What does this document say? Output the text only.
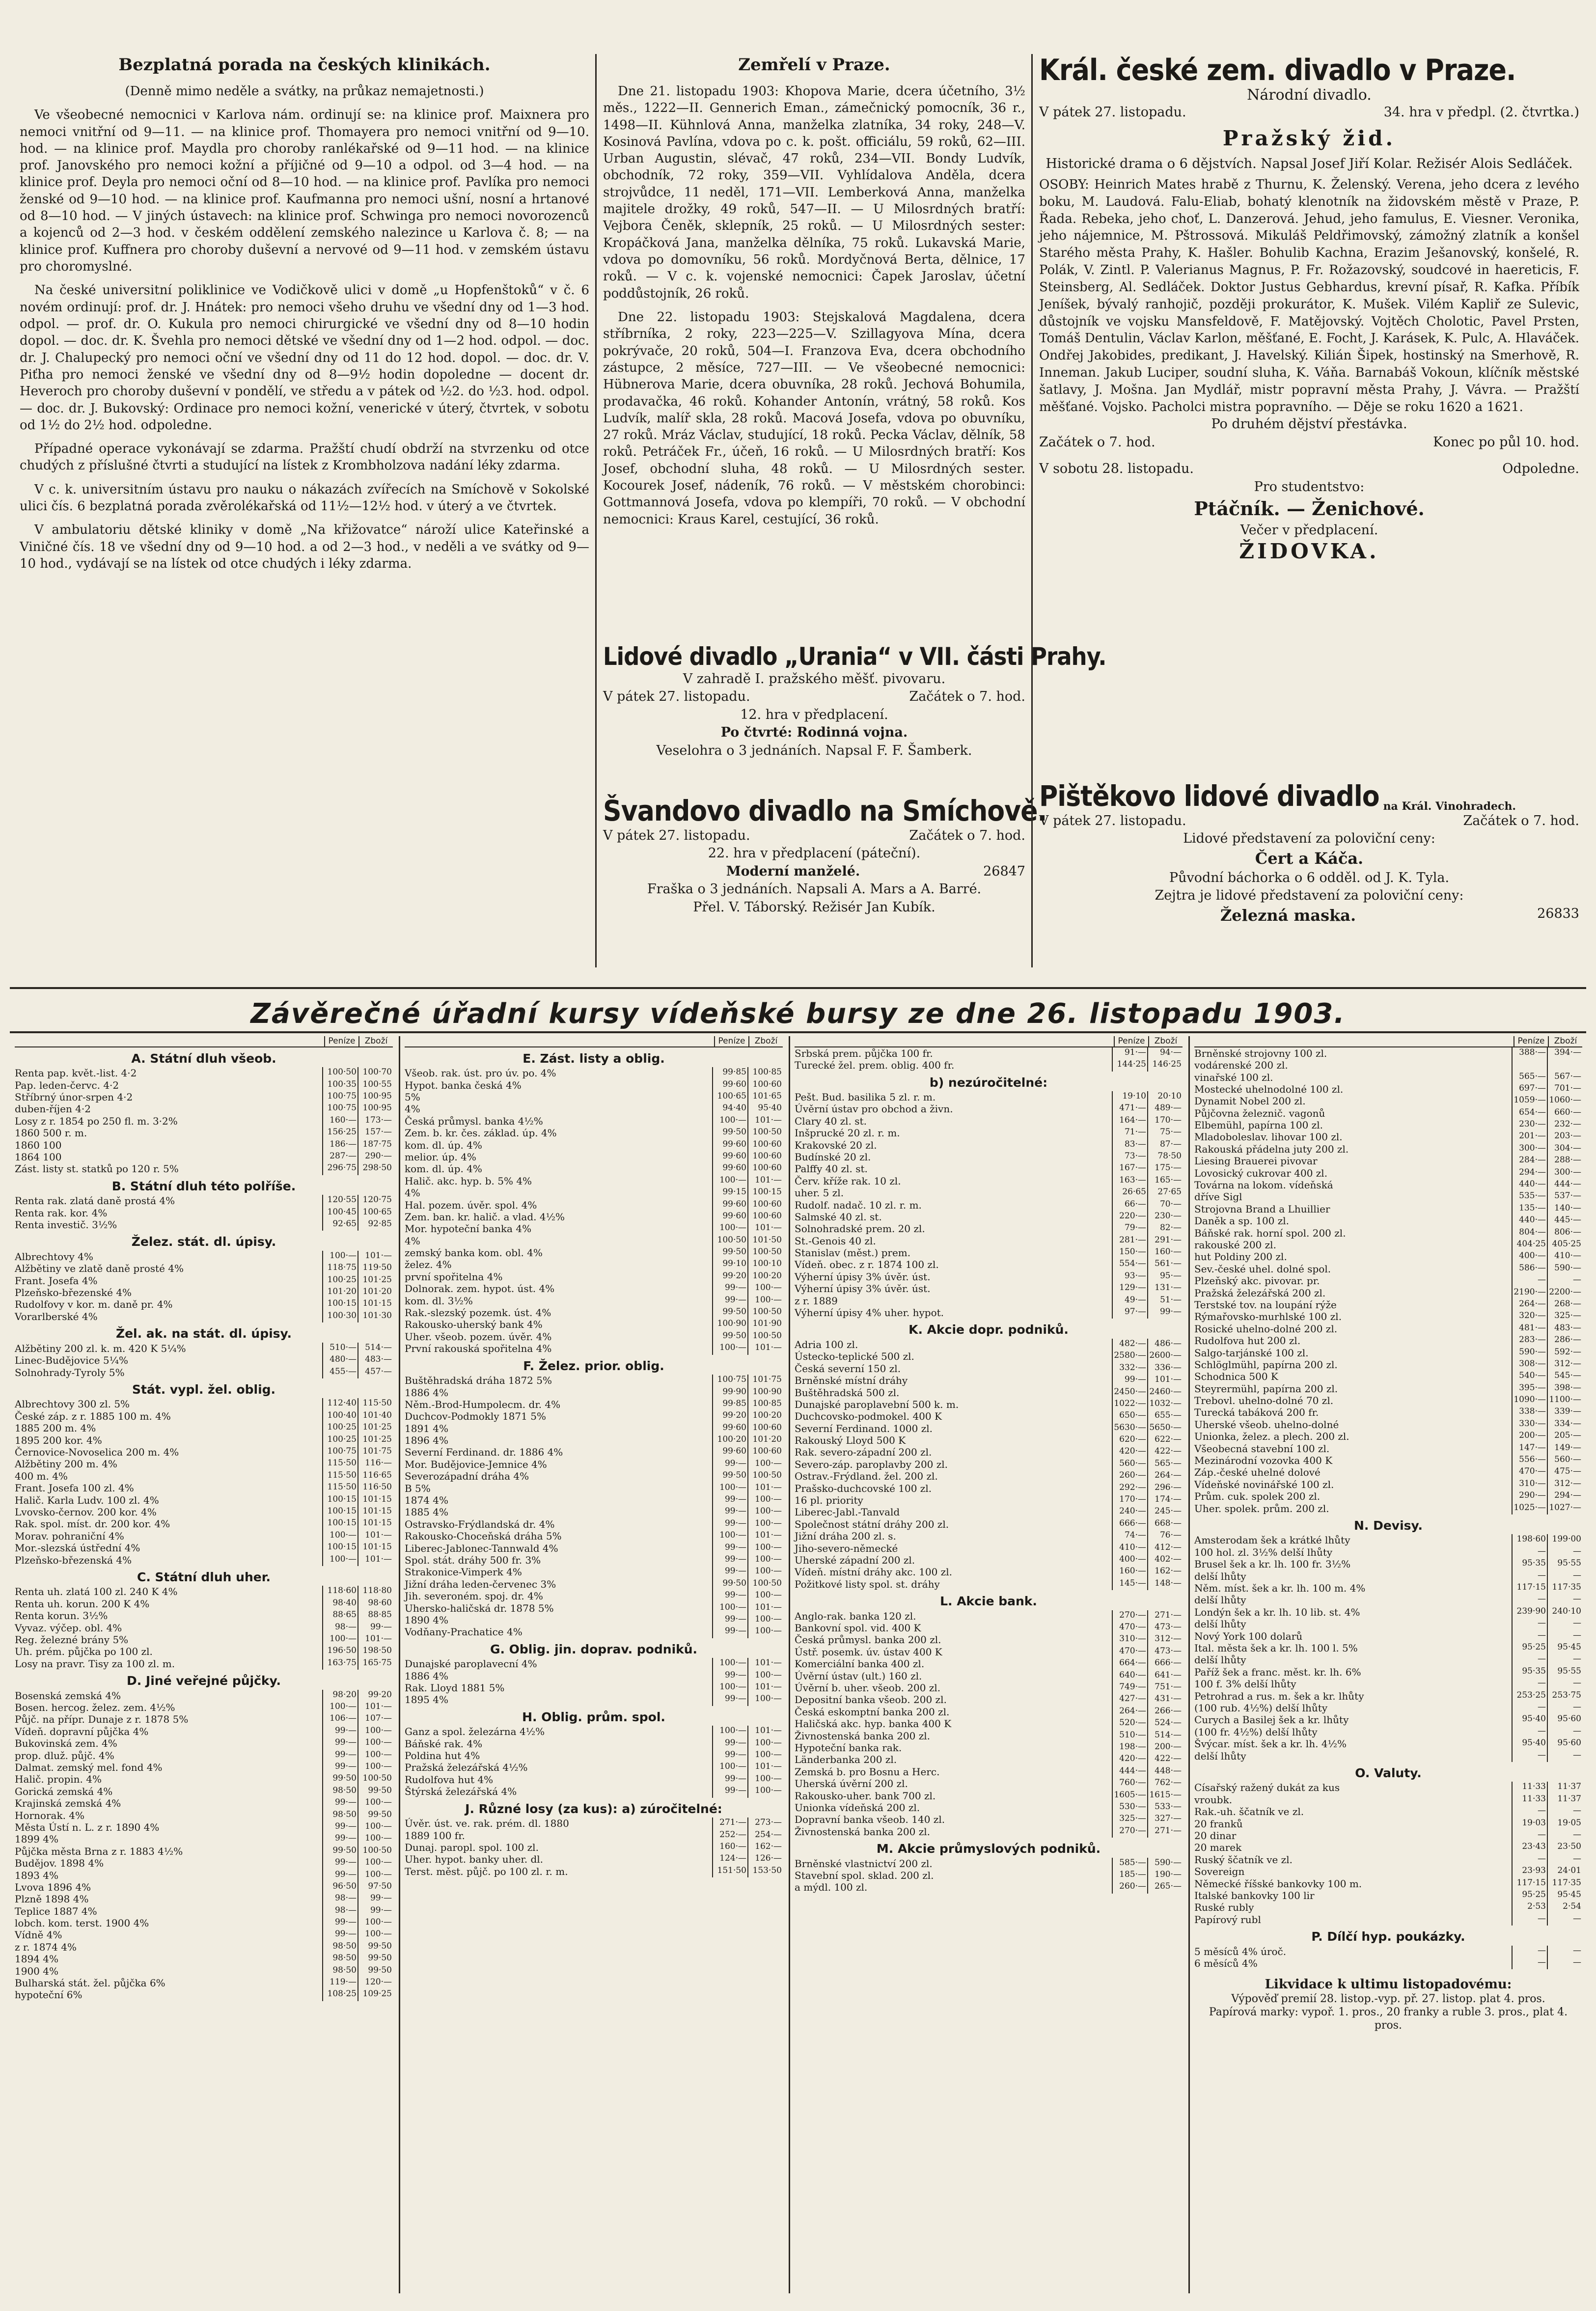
Bezplatná porada na českých klinikách.

(Denně mimo neděle a svátky, na průkaz nemajetnosti.)

Ve všeobecné nemocnici v Karlova nám. ordinují se: na klinice prof. Maixnera pro nemoci vnitřní od 9—11. — na klinice prof. Thomayera pro nemoci vnitřní od 9—10. hod. — na klinice prof. Maydla pro choroby ranlékařské od 9—11 hod. — na klinice prof. Janovského pro nemoci kožní a příjičné od 9—10 a odpol. od 3—4 hod. — na klinice prof. Deyla pro nemoci oční od 8—10 hod. — na klinice prof. Pavlíka pro nemoci ženské od 9—10 hod. — na klinice prof. Kaufmanna pro nemoci ušní, nosní a hrtanové od 8—10 hod. — V jiných ústavech: na klinice prof. Schwinga pro nemoci novorozenců a kojenců od 2—3 hod. v českém oddělení zemského nalezince u Karlova č. 8; — na klinice prof. Kuffnera pro choroby duševní a nervové od 9—11 hod. v zemském ústavu pro choromyslné.

Na české universitní poliklinice ve Vodičkově ulici v domě „u Hopfenštoků“ v č. 6 novém ordinují: prof. dr. J. Hnátek: pro nemoci všeho druhu ve všední dny od 1—3 hod. odpol. — prof. dr. O. Kukula pro nemoci chirurgické ve všední dny od 8—10 hodin dopol. — doc. dr. K. Švehla pro nemoci dětské ve všední dny od 1—2 hod. odpol. — doc. dr. J. Chalupecký pro nemoci oční ve všední dny od 11 do 12 hod. dopol. — doc. dr. V. Piťha pro nemoci ženské ve všední dny od 8—9½ hodin dopoledne — docent dr. Heveroch pro choroby duševní v pondělí, ve středu a v pátek od ½2. do ½3. hod. odpol. — doc. dr. J. Bukovský: Ordinace pro nemoci kožní, venerické v úterý, čtvrtek, v sobotu od 1½ do 2½ hod. odpoledne.

Případné operace vykonávají se zdarma. Pražští chudí obdrží na stvrzenku od otce chudých z příslušné čtvrti a studující na lístek z Krombholzova nadání léky zdarma.

V c. k. universitním ústavu pro nauku o nákazách zvířecích na Smíchově v Sokolské ulici čís. 6 bezplatná porada zvěrolékařská od 11½—12½ hod. v úterý a ve čtvrtek.

V ambulatoriu dětské kliniky v domě „Na křižovatce“ nároží ulice Kateřinské a Viničné čís. 18 ve všední dny od 9—10 hod. a od 2—3 hod., v neděli a ve svátky od 9—10 hod., vydávají se na lístek od otce chudých i léky zdarma.

Zemřelí v Praze.

Dne 21. listopadu 1903: Khopova Marie, dcera účetního, 3½ měs., 1222—II. Gennerich Eman., zámečnický pomocník, 36 r., 1498—II. Kühnlová Anna, manželka zlatníka, 34 roky, 248—V. Kosinová Pavlína, vdova po c. k. pošt. officiálu, 59 roků, 62—III. Urban Augustin, slévač, 47 roků, 234—VII. Bondy Ludvík, obchodník, 72 roky, 359—VII. Vyhlídalova Anděla, dcera strojvůdce, 11 neděl, 171—VII. Lemberková Anna, manželka majitele drožky, 49 roků, 547—II. — U Milosrdných bratří: Vejbora Čeněk, sklepník, 25 roků. — U Milosrdných sester: Kropáčková Jana, manželka dělníka, 75 roků. Lukavská Marie, vdova po domovníku, 56 roků. Mordyčnová Berta, dělnice, 17 roků. — V c. k. vojenské nemocnici: Čapek Jaroslav, účetní poddůstojník, 26 roků.

Dne 22. listopadu 1903: Stejskalová Magdalena, dcera stříbrníka, 2 roky, 223—225—V. Szillagyova Mína, dcera pokrývače, 20 roků, 504—I. Franzova Eva, dcera obchodního zástupce, 2 měsíce, 727—III. — Ve všeobecné nemocnici: Hübnerova Marie, dcera obuvníka, 28 roků. Jechová Bohumila, prodavačka, 46 roků. Kohander Antonín, vrátný, 58 roků. Kos Ludvík, malíř skla, 28 roků. Macová Josefa, vdova po obuvníku, 27 roků. Mráz Václav, studující, 18 roků. Pecka Václav, dělník, 58 roků. Petráček Fr., účeň, 16 roků. — U Milosrdných bratří: Kos Josef, obchodní sluha, 48 roků. — U Milosrdných sester. Kocourek Josef, nádeník, 76 roků. — V městském chorobinci: Gottmannová Josefa, vdova po klempíři, 70 roků. — V obchodní nemocnici: Kraus Karel, cestující, 36 roků.

Lidové divadlo „Urania“ v VII. části Prahy.
V zahradě I. pražského měšť. pivovaru.
V pátek 27. listopadu.	Začátek o 7. hod.
12. hra v předplacení.
Po čtvrté: Rodinná vojna.
Veselohra o 3 jednáních. Napsal F. F. Šamberk.
Švandovo divadlo na Smíchově.
V pátek 27. listopadu.	Začátek o 7. hod.
22. hra v předplacení (páteční).
Moderní manželé.	26847
Fraška o 3 jednáních. Napsali A. Mars a A. Barré.
Přel. V. Táborský. Režisér Jan Kubík.
Král. české zem. divadlo v Praze.
Národní divadlo.
V pátek 27. listopadu.	34. hra v předpl. (2. čtvrtka.)
Pražský žid.
Historické drama o 6 dějstvích. Napsal Josef Jiří Kolar. Režisér Alois Sedláček.
OSOBY: Heinrich Mates hrabě z Thurnu, K. Želenský. Verena, jeho dcera z levého boku, M. Laudová. Falu-Eliab, bohatý klenotník na židovském městě v Praze, P. Řada. Rebeka, jeho choť, L. Danzerová. Jehud, jeho famulus, E. Viesner. Veronika, jeho nájemnice, M. Pštrossová. Mikuláš Peldřimovský, zámožný zlatník a konšel Starého města Prahy, K. Hašler. Bohulib Kachna, Erazim Ješanovský, konšelé, R. Polák, V. Zintl. P. Valerianus Magnus, P. Fr. Rožazovský, soudcové in haereticis, F. Steinsberg, Al. Sedláček. Doktor Justus Gebhardus, krevní písař, R. Kafka. Příbík Jeníšek, bývalý ranhojič, později prokurátor, K. Mušek. Vilém Kapliř ze Sulevic, důstojník ve vojsku Mansfeldově, F. Matějovský. Vojtěch Cholotic, Pavel Prsten, Tomáš Dentulin, Václav Karlon, měšťané, E. Focht, J. Karásek, K. Pulc, A. Hlaváček. Ondřej Jakobides, predikant, J. Havelský. Kilián Šipek, hostinský na Smerhově, R. Inneman. Jakub Luciper, soudní sluha, K. Váňa. Barnabáš Vokoun, klíčník městské šatlavy, J. Mošna. Jan Mydlář, mistr popravní města Prahy, J. Vávra. — Pražští měšťané. Vojsko. Pacholci mistra popravního. — Děje se roku 1620 a 1621.
Po druhém dějství přestávka.
Začátek o 7. hod.	Konec po půl 10. hod.
V sobotu 28. listopadu.	Odpoledne.
Pro studentstvo:
Ptáčník. — Ženichové.
Večer v předplacení.
ŽIDOVKA.
Pištěkovo lidové divadlo na Král. Vinohradech.
V pátek 27. listopadu.	Začátek o 7. hod.
Lidové představení za poloviční ceny:
Čert a Káča.
Původní báchorka o 6 odděl. od J. K. Tyla.
Zejtra je lidové představení za poloviční ceny:
Železná maska.	26833
Závěrečné úřadní kursy vídeňské bursy ze dne 26. listopadu 1903.
Peníze	Zboží
A. Státní dluh všeob.
Renta pap. květ.-list. 4·2	100·50 100·70
Pap. leden-červc. 4·2	100·35 100·55
Stříbrný únor-srpen 4·2	100·75 100·95
duben-říjen 4·2	100·75 100·95
Losy z r. 1854 po 250 fl. m. 3·2%	160·—	173·—
1860 500 r. m.	156·25	157·—
1860 100	186·— 187·75
1864 100	287·—	290·—
Zást. listy st. statků po 120 r. 5%	296·75 298·50
B. Státní dluh této polříše.
Renta rak. zlatá daně prostá 4%	120·55 120·75
Renta rak. kor. 4%	100·45 100·65
Renta investič. 3½%	92·65	92·85
Želez. stát. dl. úpisy.
Albrechtovy 4%	100·—	101·—
Alžbětiny ve zlatě daně prosté 4%	118·75 119·50
Frant. Josefa 4%	100·25 101·25
Plzeňsko-březenské 4%	101·20 101·20
Rudolfovy v kor. m. daně pr. 4%	100·15 101·15
Vorarlberské 4%	100·30 101·30
Žel. ak. na stát. dl. úpisy.
Alžbětiny 200 zl. k. m. 420 K 5¼%	510·—	514·—
Linec-Budějovice 5¼%	480·—	483·—
Solnohrady-Tyroly 5%	455·—	457·—
Stát. vypl. žel. oblig.
Albrechtovy 300 zl. 5%	112·40 115·50
České záp. z r. 1885 100 m. 4%	100·40 101·40
1885 200 m. 4%	100·25 101·25
1895 200 kor. 4%	100·25 101·25
Černovice-Novoselica 200 m. 4%	100·75 101·75
Alžbětiny 200 m. 4%	115·50	116·—
400 m. 4%	115·50 116·65
Frant. Josefa 100 zl. 4%	115·50 116·50
Halič. Karla Ludv. 100 zl. 4%	100·15 101·15
Lvovsko-černov. 200 kor. 4%	100·15 101·15
Rak. spol. míst. dr. 200 kor. 4%	100·15 101·15
Morav. pohraniční 4%	100·—	101·—
Mor.-slezská ústřední 4%	100·15 101·15
Plzeňsko-březenská 4%	100·—	101·—
C. Státní dluh uher.
Renta uh. zlatá 100 zl. 240 K 4%	118·60 118·80
Renta uh. korun. 200 K 4%	98·40	98·60
Renta korun. 3½%	88·65	88·85
Vyvaz. výčep. obl. 4%	98·—	99·—
Reg. železné brány 5%	100·—	101·—
Uh. prém. půjčka po 100 zl.	196·50 198·50
Losy na pravr. Tisy za 100 zl. m.	163·75 165·75
D. Jiné veřejné půjčky.
Bosenská zemská 4%	98·20	99·20
Bosen. hercog. želez. zem. 4½%	100·—	101·—
Půjč. na přípr. Dunaje z r. 1878 5%	106·—	107·—
Vídeň. dopravní půjčka 4%	99·—	100·—
Bukovinská zem. 4%	99·—	100·—
prop. dluž. půjč. 4%	99·—	100·—
Dalmat. zemský mel. fond 4%	99·—	100·—
Halič. propin. 4%	99·50 100·50
Gorická zemská 4%	98·50	99·50
Krajinská zemská 4%	99·—	100·—
Hornorak. 4%	98·50	99·50
Města Ústí n. L. z r. 1890 4%	99·—	100·—
1899 4%	99·—	100·—
Půjčka města Brna z r. 1883 4½%	99·50 100·50
Budějov. 1898 4%	99·—	100·—
1893 4%	99·—	100·—
Lvova 1896 4%	96·50	97·50
Plzně 1898 4%	98·—	99·—
Teplice 1887 4%	98·—	99·—
lobch. kom. terst. 1900 4%	99·—	100·—
Vídně 4%	99·—	100·—
z r. 1874 4%	98·50	99·50
1894 4%	98·50	99·50
1900 4%	98·50	99·50
Bulharská stát. žel. půjčka 6%	119·—	120·—
hypoteční 6%	108·25 109·25
Peníze	Zboží
E. Zást. listy a oblig.
Všeob. rak. úst. pro úv. po. 4%	99·85 100·85
Hypot. banka česká 4%	99·60 100·60
5%	100·65 101·65
4%	94·40	95·40
Česká průmysl. banka 4½%	100·—	101·—
Zem. b. kr. čes. základ. úp. 4%	99·50 100·50
kom. dl. úp. 4%	99·60 100·60
melior. úp. 4%	99·60 100·60
kom. dl. úp. 4%	99·60 100·60
Halič. akc. hyp. b. 5% 4%	100·—	101·—
4%	99·15 100·15
Hal. pozem. úvěr. spol. 4%	99·60 100·60
Zem. ban. kr. halič. a vlad. 4½%	99·60 100·60
Mor. hypoteční banka 4%	100·—	101·—
4%	100·50 101·50
zemský banka kom. obl. 4%	99·50 100·50
želez. 4%	99·10 100·10
první spořitelna 4%	99·20 100·20
Dolnorak. zem. hypot. úst. 4%	99·—	100·—
kom. dl. 3½%	99·—	100·—
Rak.-slezský pozemk. úst. 4%	99·50 100·50
Rakousko-uherský bank 4%	100·90 101·90
Uher. všeob. pozem. úvěr. 4%	99·50 100·50
První rakouská spořitelna 4%	100·—	101·—
F. Želez. prior. oblig.
Buštěhradská dráha 1872 5%	100·75 101·75
1886 4%	99·90 100·90
Něm.-Brod-Humpolecm. dr. 4%	99·85 100·85
Duchcov-Podmokly 1871 5%	99·20 100·20
1891 4%	99·60 100·60
1896 4%	100·20 101·20
Severní Ferdinand. dr. 1886 4%	99·60 100·60
Mor. Budějovice-Jemnice 4%	99·—	100·—
Severozápadní dráha 4%	99·50 100·50
B 5%	100·—	101·—
1874 4%	99·—	100·—
1885 4%	99·—	100·—
Ostravsko-Frýdlandská dr. 4%	99·—	100·—
Rakousko-Choceňská dráha 5%	100·—	101·—
Liberec-Jablonec-Tannwald 4%	99·—	100·—
Spol. stát. dráhy 500 fr. 3%	99·—	100·—
Strakonice-Vimperk 4%	99·—	100·—
Jižní dráha leden-červenec 3%	99·50 100·50
Jih. severoném. spoj. dr. 4%	99·—	100·—
Uhersko-haličská dr. 1878 5%	100·—	101·—
1890 4%	99·—	100·—
Vodňany-Prachatice 4%	99·—	100·—
G. Oblig. jin. doprav. podniků.
Dunajské paroplavecní 4%	100·—	101·—
1886 4%	99·—	100·—
Rak. Lloyd 1881 5%	100·—	101·—
1895 4%	99·—	100·—
H. Oblig. prům. spol.
Ganz a spol. železárna 4½%	100·—	101·—
Báňské rak. 4%	99·—	100·—
Poldina hut 4%	99·—	100·—
Pražská železářská 4½%	100·—	101·—
Rudolfova hut 4%	99·—	100·—
Štýrská železářská 4%	99·—	100·—
J. Různé losy (za kus): a) zúročitelné:
Úvěr. úst. ve. rak. prém. dl. 1880	271·—	273·—
1889 100 fr.	252·—	254·—
Dunaj. paropl. spol. 100 zl.	160·—	162·—
Uher. hypot. banky uher. dl.	124·—	126·—
Terst. měst. půjč. po 100 zl. r. m.	151·50 153·50
Peníze	Zboží
Srbská prem. půjčka 100 fr.	91·—	94·—
Turecké žel. prem. oblig. 400 fr.	144·25 146·25
b) nezúročitelné:
Pešt. Bud. basilika 5 zl. r. m.	19·10	20·10
Úvěrní ústav pro obchod a živn.	471·—	489·—
Clary 40 zl. st.	164·—	170·—
Inšprucké 20 zl. r. m.	71·—	75·—
Krakovské 20 zl.	83·—	87·—
Budínské 20 zl.	73·—	78·50
Palffy 40 zl. st.	167·—	175·—
Červ. kříže rak. 10 zl.	163·—	165·—
uher. 5 zl.	26·65	27·65
Rudolf. nadač. 10 zl. r. m.	66·—	70·—
Salmské 40 zl. st.	220·—	230·—
Solnohradské prem. 20 zl.	79·—	82·—
St.-Genois 40 zl.	281·—	291·—
Stanislav (měst.) prem.	150·—	160·—
Vídeň. obec. z r. 1874 100 zl.	554·—	561·—
Výherní úpisy 3% úvěr. úst.	93·—	95·—
Výherní úpisy 3% úvěr. úst.	129·—	131·—
z r. 1889	49·—	51·—
Výherní úpisy 4% uher. hypot.	97·—	99·—
K. Akcie dopr. podniků.
Adria 100 zl.	482·—	486·—
Ústecko-teplické 500 zl.	2580·— 2600·—
Česká severní 150 zl.	332·—	336·—
Brněnské místní dráhy	99·—	101·—
Buštěhradská 500 zl.	2450·— 2460·—
Dunajské paroplavební 500 k. m.	1022·— 1032·—
Duchcovsko-podmokel. 400 K	650·—	655·—
Severní Ferdinand. 1000 zl.	5630·— 5650·—
Rakouský Lloyd 500 K	620·—	622·—
Rak. severo-západní 200 zl.	420·—	422·—
Severo-záp. paroplavby 200 zl.	560·—	565·—
Ostrav.-Frýdland. žel. 200 zl.	260·—	264·—
Prašsko-duchcovské 100 zl.	292·—	296·—
16 pl. priority	170·—	174·—
Liberec-Jabl.-Tanvald	240·—	245·—
Společnost státní dráhy 200 zl.	666·—	668·—
Jižní dráha 200 zl. s.	74·—	76·—
Jiho-severo-německé	410·—	412·—
Uherské západní 200 zl.	400·—	402·—
Vídeň. místní dráhy akc. 100 zl.	160·—	162·—
Požitkové listy spol. st. dráhy	145·—	148·—
L. Akcie bank.
Anglo-rak. banka 120 zl.	270·—	271·—
Bankovní spol. vid. 400 K	470·—	473·—
Česká průmysl. banka 200 zl.	310·—	312·—
Ústř. posemk. úv. ústav 400 K	470·—	473·—
Komerciální banka 400 zl.	664·—	666·—
Úvěrní ústav (ult.) 160 zl.	640·—	641·—
Úvěrní b. uher. všeob. 200 zl.	749·—	751·—
Depositní banka všeob. 200 zl.	427·—	431·—
Česká eskomptní banka 200 zl.	264·—	266·—
Haličská akc. hyp. banka 400 K	520·—	524·—
Živnostenská banka 200 zl.	510·—	514·—
Hypoteční banka rak.	198·—	200·—
Länderbanka 200 zl.	420·—	422·—
Zemská b. pro Bosnu a Herc.	444·—	448·—
Uherská úvěrní 200 zl.	760·—	762·—
Rakousko-uher. bank 700 zl.	1605·— 1615·—
Unionka vídeňská 200 zl.	530·—	533·—
Dopravní banka všeob. 140 zl.	325·—	327·—
Živnostenská banka 200 zl.	270·—	271·—
M. Akcie průmyslových podniků.
Brněnské vlastnictví 200 zl.	585·—	590·—
Stavební spol. sklad. 200 zl.	185·—	190·—
a mýdl. 100 zl.	260·—	265·—
Peníze	Zboží
Brněnské strojovny 100 zl.	388·—	394·—
vodárenské 200 zl.
vinařské 100 zl.	565·—	567·—
Mostecké uhelnodolné 100 zl.	697·—	701·—
Dynamit Nobel 200 zl.	1059·— 1060·—
Půjčovna železnič. vagonů	654·—	660·—
Elbemühl, papírna 100 zl.	230·—	232·—
Mladoboleslav. lihovar 100 zl.	201·—	203·—
Rakouská přádelna juty 200 zl.	300·—	304·—
Liesing Brauerei pivovar	284·—	288·—
Lovosický cukrovar 400 zl.	294·—	300·—
Továrna na lokom. vídeňská	440·—	444·—
dříve Sigl	535·—	537·—
Strojovna Brand a Lhuillier	135·—	140·—
Daněk a sp. 100 zl.	440·—	445·—
Báňské rak. horní spol. 200 zl.	804·—	806·—
rakouské 200 zl.	404·25 405·25
hut Poldiny 200 zl.	400·—	410·—
Sev.-české uhel. dolné spol.	586·—	590·—
Plzeňský akc. pivovar. pr.	—	—
Pražská železářská 200 zl.	2190·— 2200·—
Terstské tov. na loupání rýže	264·—	268·—
Rýmařovsko-murhlské 100 zl.	320·—	325·—
Rosické uhelno-dolné 200 zl.	481·—	483·—
Rudolfova hut 200 zl.	283·—	286·—
Salgo-tarjánské 100 zl.	590·—	592·—
Schlöglmühl, papírna 200 zl.	308·—	312·—
Schodnica 500 K	540·—	545·—
Steyrermühl, papírna 200 zl.	395·—	398·—
Trebovl. uhelno-dolné 70 zl.	1090·— 1100·—
Turecká tabáková 200 fr.	338·—	339·—
Uherské všeob. uhelno-dolné	330·—	334·—
Unionka, želez. a plech. 200 zl.	200·—	205·—
Všeobecná stavební 100 zl.	147·—	149·—
Mezinárodní vozovka 400 K	556·—	560·—
Záp.-české uhelné dolové	470·—	475·—
Vídeňské novinářské 100 zl.	310·—	312·—
Prům. cuk. spolek 200 zl.	290·—	294·—
Uher. spolek. prům. 200 zl.	1025·— 1027·—
N. Devisy.
Amsterodam šek a krátké lhůty	198·60 199·00
100 hol. zl. 3½% delší lhůty	—	—
Brusel šek a kr. lh. 100 fr. 3½%	95·35	95·55
delší lhůty	—	—
Něm. míst. šek a kr. lh. 100 m. 4%	117·15 117·35
delší lhůty	—	—
Londýn šek a kr. lh. 10 lib. st. 4%	239·90 240·10
delší lhůty	—	—
Nový York 100 dolarů	—	—
Ital. města šek a kr. lh. 100 l. 5%	95·25	95·45
delší lhůty	—	—
Paříž šek a franc. měst. kr. lh. 6%	95·35	95·55
100 f. 3% delší lhůty	—	—
Petrohrad a rus. m. šek a kr. lhůty	253·25 253·75
(100 rub. 4½%) delší lhůty	—	—
Curych a Basilej šek a kr. lhůty	95·40	95·60
(100 fr. 4½%) delší lhůty	—	—
Švýcar. míst. šek a kr. lh. 4½%	95·40	95·60
delší lhůty	—	—
O. Valuty.
Císařský ražený dukát za kus	11·33	11·37
vroubk.	11·33	11·37
Rak.-uh. ščatník ve zl.	—	—
20 franků	19·03	19·05
20 dinar	—	—
20 marek	23·43	23·50
Ruský ščatník ve zl.	—	—
Sovereign	23·93	24·01
Německé říšské bankovky 100 m.	117·15 117·35
Italské bankovky 100 lir	95·25	95·45
Ruské rubly	2·53	2·54
Papírový rubl	—	—
P. Dílčí hyp. poukázky.
5 měsíců 4% úroč.	—	—
6 měsíců 4%	—	—
Likvidace k ultimu listopadovému:
Výpověď premií 28. listop.-vyp. př. 27. listop. plat 4. pros.
Papírová marky: vypoř. 1. pros., 20 franky a ruble 3. pros., plat 4. pros.
